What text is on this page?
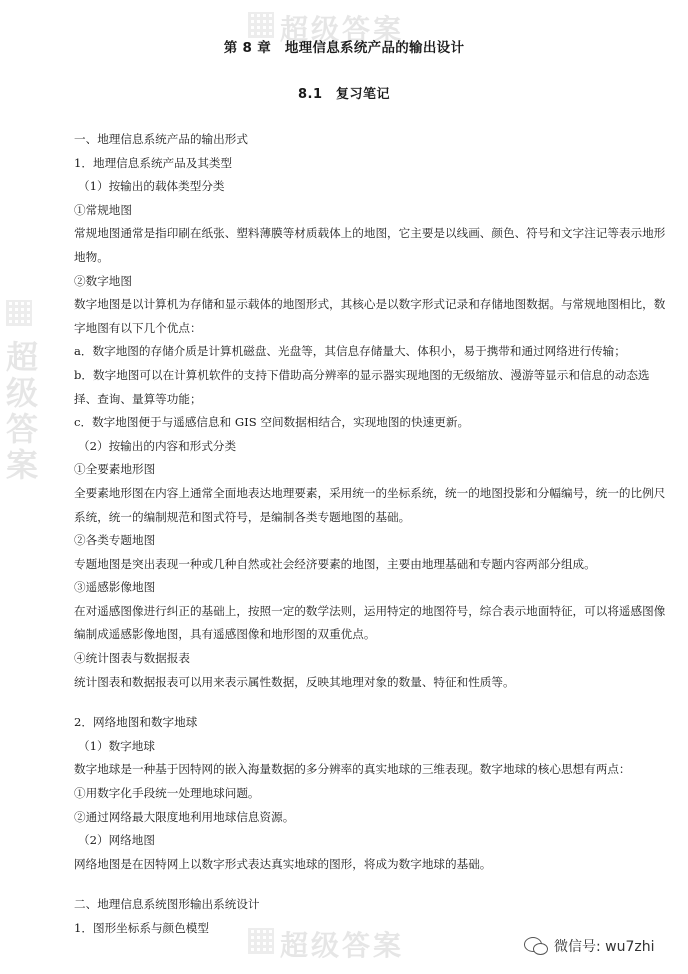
超级答案
超级答案
超级答案
第 8 章　地理信息系统产品的输出设计
8.1　复习笔记

一、地理信息系统产品的输出形式

1．地理信息系统产品及其类型

（1）按输出的载体类型分类

①常规地图

常规地图通常是指印刷在纸张、塑料薄膜等材质载体上的地图，它主要是以线画、颜色、符号和文字注记等表示地形地物。

②数字地图

数字地图是以计算机为存储和显示载体的地图形式，其核心是以数字形式记录和存储地图数据。与常规地图相比，数字地图有以下几个优点：

a．数字地图的存储介质是计算机磁盘、光盘等，其信息存储量大、体积小，易于携带和通过网络进行传输；

b．数字地图可以在计算机软件的支持下借助高分辨率的显示器实现地图的无级缩放、漫游等显示和信息的动态选择、查询、量算等功能；

c．数字地图便于与遥感信息和 GIS 空间数据相结合，实现地图的快速更新。

（2）按输出的内容和形式分类

①全要素地形图

全要素地形图在内容上通常全面地表达地理要素，采用统一的坐标系统，统一的地图投影和分幅编号，统一的比例尺系统，统一的编制规范和图式符号，是编制各类专题地图的基础。

②各类专题地图

专题地图是突出表现一种或几种自然或社会经济要素的地图，主要由地理基础和专题内容两部分组成。

③遥感影像地图

在对遥感图像进行纠正的基础上，按照一定的数学法则，运用特定的地图符号，综合表示地面特征，可以将遥感图像编制成遥感影像地图，具有遥感图像和地形图的双重优点。

④统计图表与数据报表

统计图表和数据报表可以用来表示属性数据，反映其地理对象的数量、特征和性质等。

2．网络地图和数字地球

（1）数字地球

数字地球是一种基于因特网的嵌入海量数据的多分辨率的真实地球的三维表现。数字地球的核心思想有两点：

①用数字化手段统一处理地球问题。

②通过网络最大限度地利用地球信息资源。

（2）网络地图

网络地图是在因特网上以数字形式表达真实地球的图形，将成为数字地球的基础。

二、地理信息系统图形输出系统设计

1．图形坐标系与颜色模型

微信号: wu7zhi
